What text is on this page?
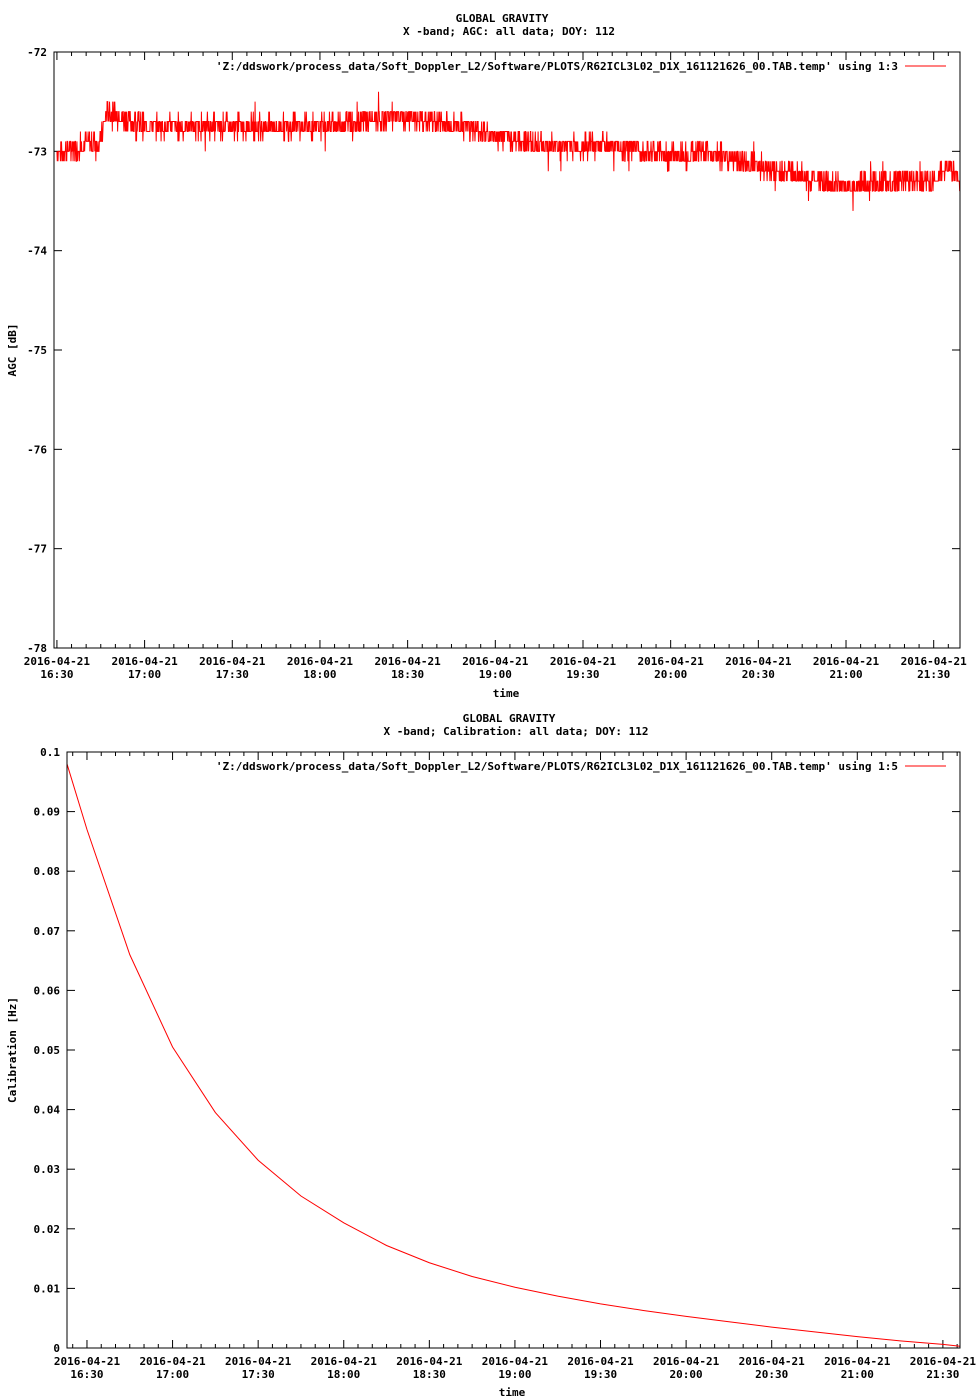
GLOBAL GRAVITY
X -band; AGC: all data; DOY: 112
AGC [dB]
time
-72
-73
-74
-75
-76
-77
-78
2016-04-21
16:30
2016-04-21
17:00
2016-04-21
17:30
2016-04-21
18:00
2016-04-21
18:30
2016-04-21
19:00
2016-04-21
19:30
2016-04-21
20:00
2016-04-21
20:30
2016-04-21
21:00
2016-04-21
21:30
'Z:/ddswork/process_data/Soft_Doppler_L2/Software/PLOTS/R62ICL3L02_D1X_161121626_00.TAB.temp' using 1:3
GLOBAL GRAVITY
X -band; Calibration: all data; DOY: 112
Calibration [Hz]
time
0.1
0.09
0.08
0.07
0.06
0.05
0.04
0.03
0.02
0.01
0
2016-04-21
16:30
2016-04-21
17:00
2016-04-21
17:30
2016-04-21
18:00
2016-04-21
18:30
2016-04-21
19:00
2016-04-21
19:30
2016-04-21
20:00
2016-04-21
20:30
2016-04-21
21:00
2016-04-21
21:30
'Z:/ddswork/process_data/Soft_Doppler_L2/Software/PLOTS/R62ICL3L02_D1X_161121626_00.TAB.temp' using 1:5
